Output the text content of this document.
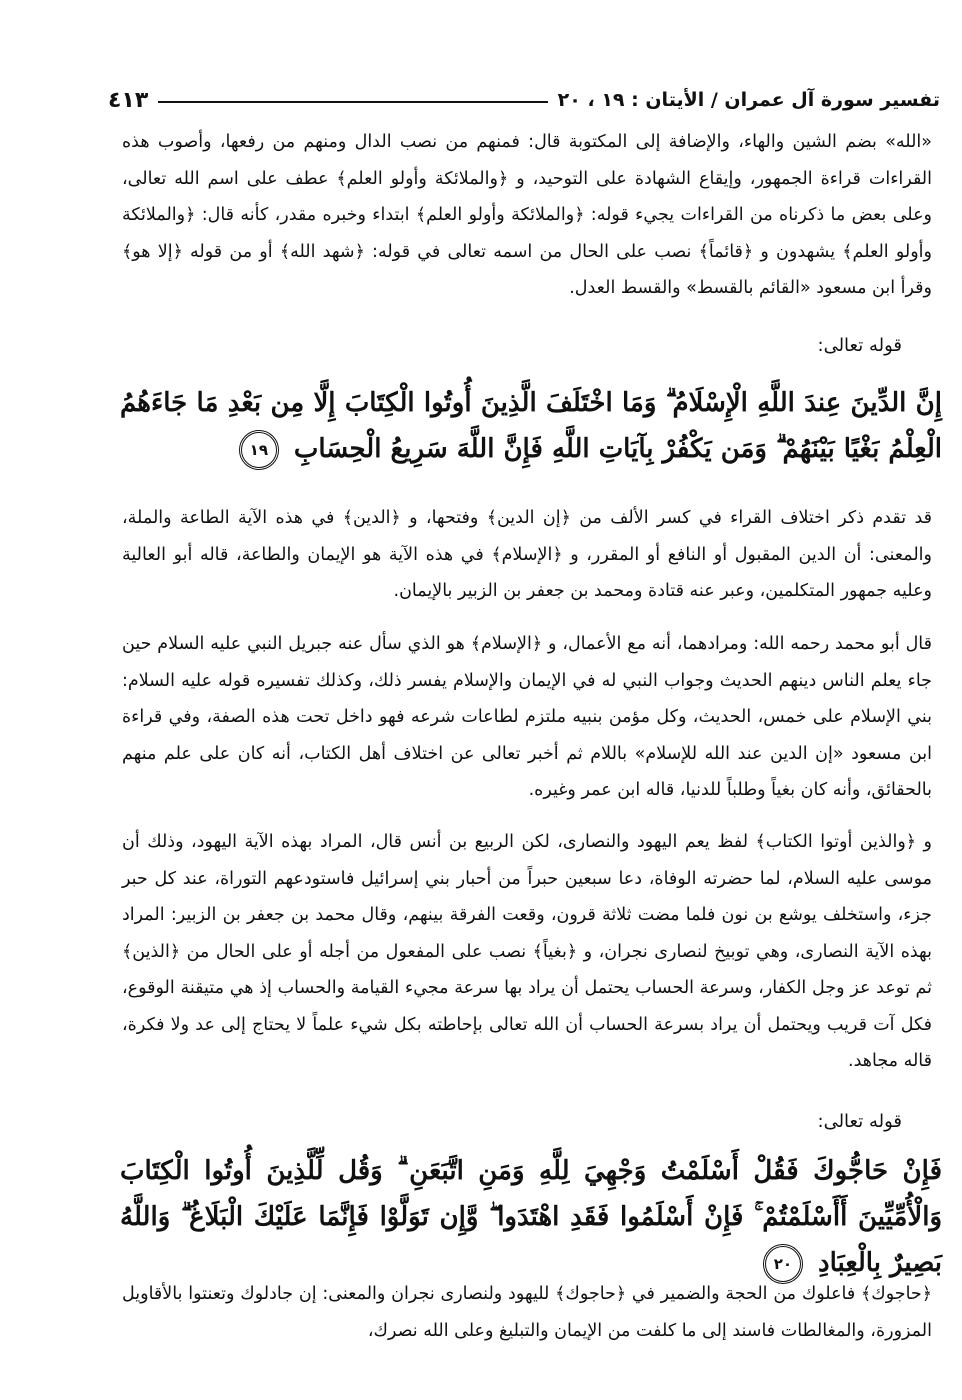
تفسير سورة آل عمران / الأيتان : ١٩ ، ٢٠
٤١٣

«الله» بضم الشين والهاء، والإضافة إلى المكتوبة قال: فمنهم من نصب الدال ومنهم من رفعها، وأصوب هذه القراءات قراءة الجمهور، وإيقاع الشهادة على التوحيد، و ﴿والملائكة وأولو العلم﴾ عطف على اسم الله تعالى، وعلى بعض ما ذكرناه من القراءات يجيء قوله: ﴿والملائكة وأولو العلم﴾ ابتداء وخبره مقدر، كأنه قال: ﴿والملائكة وأولو العلم﴾ يشهدون و ﴿قائماً﴾ نصب على الحال من اسمه تعالى في قوله: ﴿شهد الله﴾ أو من قوله ﴿إلا هو﴾ وقرأ ابن مسعود «القائم بالقسط» والقسط العدل.

قوله تعالى:

إِنَّ الدِّينَ عِندَ اللَّهِ الْإِسْلَامُ ۗ وَمَا اخْتَلَفَ الَّذِينَ أُوتُوا الْكِتَابَ إِلَّا مِن بَعْدِ مَا جَاءَهُمُ الْعِلْمُ بَغْيًا بَيْنَهُمْ ۗ وَمَن يَكْفُرْ بِآيَاتِ اللَّهِ فَإِنَّ اللَّهَ سَرِيعُ الْحِسَابِ ١٩

قد تقدم ذكر اختلاف القراء في كسر الألف من ﴿إن الدين﴾ وفتحها، و ﴿الدين﴾ في هذه الآية الطاعة والملة، والمعنى: أن الدين المقبول أو النافع أو المقرر، و ﴿الإسلام﴾ في هذه الآية هو الإيمان والطاعة، قاله أبو العالية وعليه جمهور المتكلمين، وعبر عنه قتادة ومحمد بن جعفر بن الزبير بالإيمان.

قال أبو محمد رحمه الله: ومرادهما، أنه مع الأعمال، و ﴿الإسلام﴾ هو الذي سأل عنه جبريل النبي عليه السلام حين جاء يعلم الناس دينهم الحديث وجواب النبي له في الإيمان والإسلام يفسر ذلك، وكذلك تفسيره قوله عليه السلام: بني الإسلام على خمس، الحديث، وكل مؤمن بنبيه ملتزم لطاعات شرعه فهو داخل تحت هذه الصفة، وفي قراءة ابن مسعود «إن الدين عند الله للإسلام» باللام ثم أخبر تعالى عن اختلاف أهل الكتاب، أنه كان على علم منهم بالحقائق، وأنه كان بغياً وطلباً للدنيا، قاله ابن عمر وغيره.

و ﴿والذين أوتوا الكتاب﴾ لفظ يعم اليهود والنصارى، لكن الربيع بن أنس قال، المراد بهذه الآية اليهود، وذلك أن موسى عليه السلام، لما حضرته الوفاة، دعا سبعين حبراً من أحبار بني إسرائيل فاستودعهم التوراة، عند كل حبر جزء، واستخلف يوشع بن نون فلما مضت ثلاثة قرون، وقعت الفرقة بينهم، وقال محمد بن جعفر بن الزبير: المراد بهذه الآية النصارى، وهي توبيخ لنصارى نجران، و ﴿بغياً﴾ نصب على المفعول من أجله أو على الحال من ﴿الذين﴾ ثم توعد عز وجل الكفار، وسرعة الحساب يحتمل أن يراد بها سرعة مجيء القيامة والحساب إذ هي متيقنة الوقوع، فكل آت قريب ويحتمل أن يراد بسرعة الحساب أن الله تعالى بإحاطته بكل شيء علماً لا يحتاج إلى عد ولا فكرة، قاله مجاهد.

قوله تعالى:

فَإِنْ حَاجُّوكَ فَقُلْ أَسْلَمْتُ وَجْهِيَ لِلَّهِ وَمَنِ اتَّبَعَنِ ۗ وَقُل لِّلَّذِينَ أُوتُوا الْكِتَابَ وَالْأُمِّيِّينَ أَأَسْلَمْتُمْ ۚ فَإِنْ أَسْلَمُوا فَقَدِ اهْتَدَوا ۖ وَّإِن تَوَلَّوْا فَإِنَّمَا عَلَيْكَ الْبَلَاغُ ۗ وَاللَّهُ بَصِيرٌ بِالْعِبَادِ ٢٠

﴿حاجوك﴾ فاعلوك من الحجة والضمير في ﴿حاجوك﴾ لليهود ولنصارى نجران والمعنى: إن جادلوك وتعنتوا بالأقاويل المزورة، والمغالطات فاسند إلى ما كلفت من الإيمان والتبليغ وعلى الله نصرك،
